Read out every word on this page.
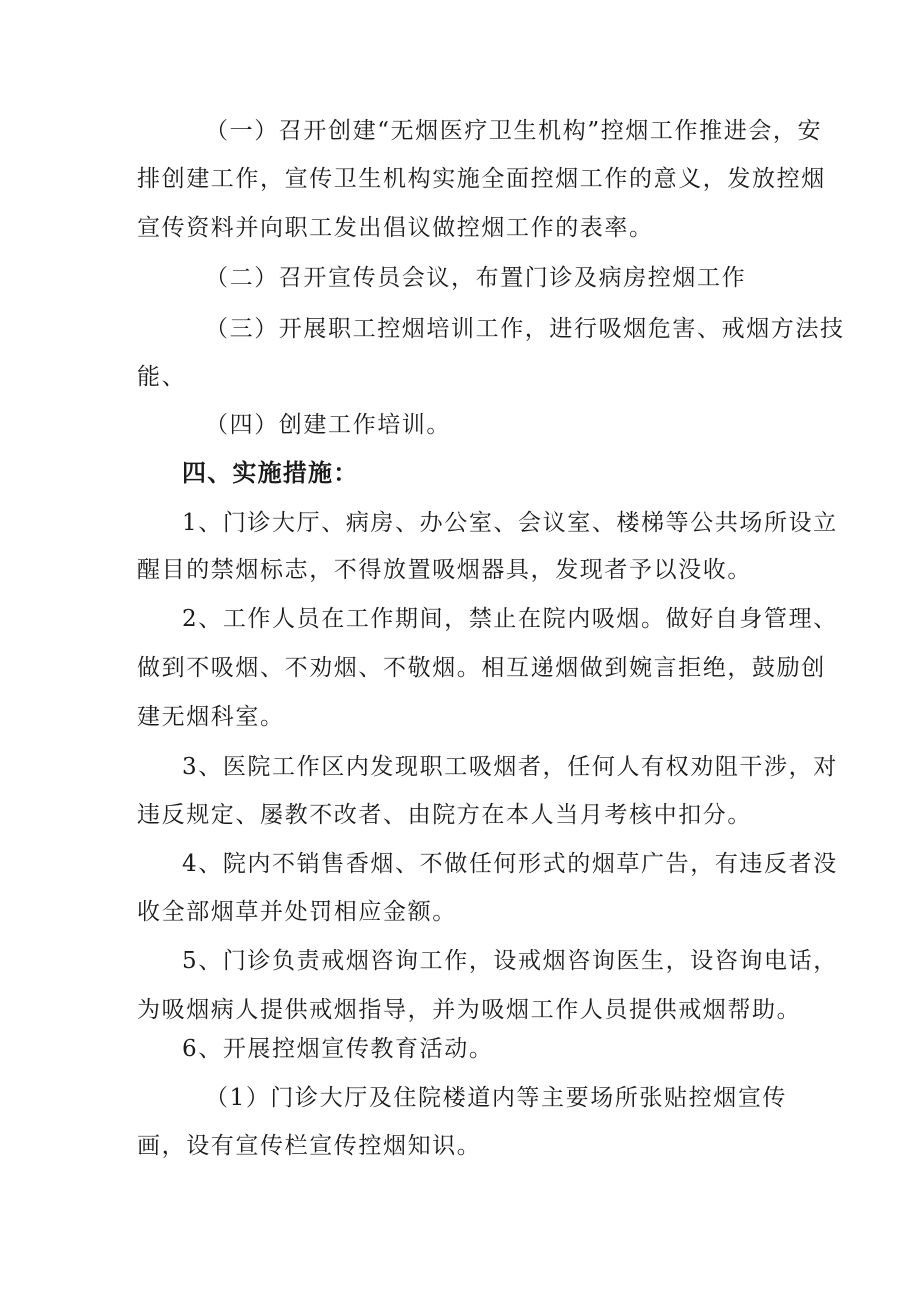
（一）召开创建“无烟医疗卫生机构”控烟工作推进会，安
排创建工作，宣传卫生机构实施全面控烟工作的意义，发放控烟
宣传资料并向职工发出倡议做控烟工作的表率。
（二）召开宣传员会议，布置门诊及病房控烟工作
（三）开展职工控烟培训工作，进行吸烟危害、戒烟方法技
能、
（四）创建工作培训。
四、实施措施：
1、门诊大厅、病房、办公室、会议室、楼梯等公共场所设立
醒目的禁烟标志，不得放置吸烟器具，发现者予以没收。
2、工作人员在工作期间，禁止在院内吸烟。做好自身管理、
做到不吸烟、不劝烟、不敬烟。相互递烟做到婉言拒绝，鼓励创
建无烟科室。
3、医院工作区内发现职工吸烟者，任何人有权劝阻干涉，对
违反规定、屡教不改者、由院方在本人当月考核中扣分。
4、院内不销售香烟、不做任何形式的烟草广告，有违反者没
收全部烟草并处罚相应金额。
5、门诊负责戒烟咨询工作，设戒烟咨询医生，设咨询电话，
为吸烟病人提供戒烟指导，并为吸烟工作人员提供戒烟帮助。
6、开展控烟宣传教育活动。
（1）门诊大厅及住院楼道内等主要场所张贴控烟宣传
画，设有宣传栏宣传控烟知识。
